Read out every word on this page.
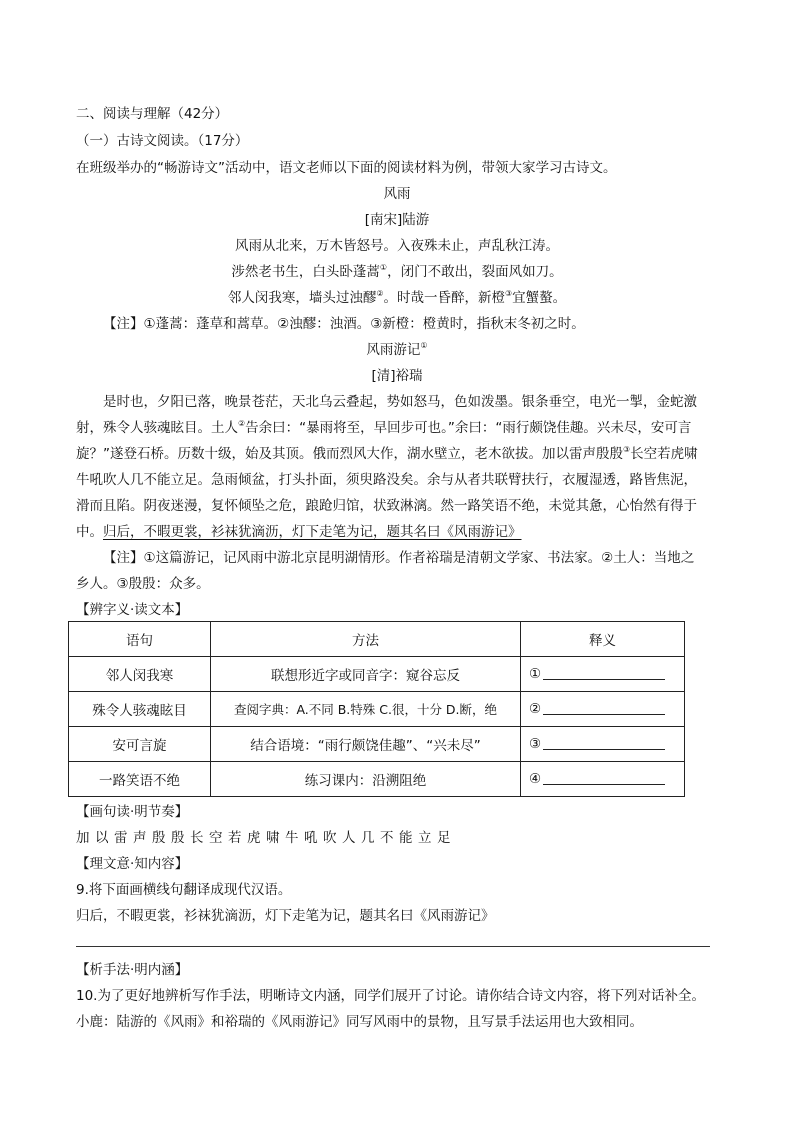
二、阅读与理解（42分）
（一）古诗文阅读。（17分）
在班级举办的“畅游诗文”活动中，语文老师以下面的阅读材料为例，带领大家学习古诗文。
风雨
[南宋]陆游
风雨从北来，万木皆怒号。入夜殊未止，声乱秋江涛。
涉然老书生，白头卧蓬蒿①，闭门不敢出，裂面风如刀。
邻人闵我寒，墙头过浊醪②。时哉一昏醉，新橙③宜蟹螯。
【注】①蓬蒿：蓬草和蒿草。②浊醪：浊酒。③新橙：橙黄时，指秋末冬初之时。
风雨游记①
[清]裕瑞
是时也，夕阳已落，晚景苍茫，天北乌云叠起，势如怒马，色如泼墨。银条垂空，电光一掣，金蛇激
射，殊令人骇魂眩目。土人②告余曰：“暴雨将至，早回步可也。”余曰：“雨行颇饶佳趣。兴未尽，安可言
旋？”遂登石桥。历数十级，始及其顶。俄而烈风大作，湖水壁立，老木欲拔。加以雷声殷殷③长空若虎啸
牛吼吹人几不能立足。急雨倾盆，打头扑面，须臾路没矣。余与从者共联臂扶行，衣履湿透，路皆焦泥，
滑而且陷。阴夜迷漫，复怀倾坠之危，踉跄归馆，状致淋漓。然一路笑语不绝，未觉其惫，心怡然有得于
中。归后，不暇更裳，衫袜犹滴沥，灯下走笔为记，题其名曰《风雨游记》
【注】①这篇游记，记风雨中游北京昆明湖情形。作者裕瑞是清朝文学家、书法家。②土人：当地之
乡人。③殷殷：众多。
【辨字义·读文本】
语句	方法	释义
邻人闵我寒	联想形近字或同音字：窥谷忘反	①
殊令人骇魂眩目	查阅字典：A.不同 B.特殊 C.很，十分 D.断，绝	②
安可言旋	结合语境：“雨行颇饶佳趣”、“兴未尽”	③
一路笑语不绝	练习课内：沿溯阻绝	④
【画句读·明节奏】
加 以 雷 声 殷 殷 长 空 若 虎 啸 牛 吼 吹 人 几 不 能 立 足
【理文意·知内容】
9.将下面画横线句翻译成现代汉语。
归后，不暇更裳，衫袜犹滴沥，灯下走笔为记，题其名曰《风雨游记》
【析手法·明内涵】
10.为了更好地辨析写作手法，明晰诗文内涵，同学们展开了讨论。请你结合诗文内容，将下列对话补全。
小鹿：陆游的《风雨》和裕瑞的《风雨游记》同写风雨中的景物，且写景手法运用也大致相同。
